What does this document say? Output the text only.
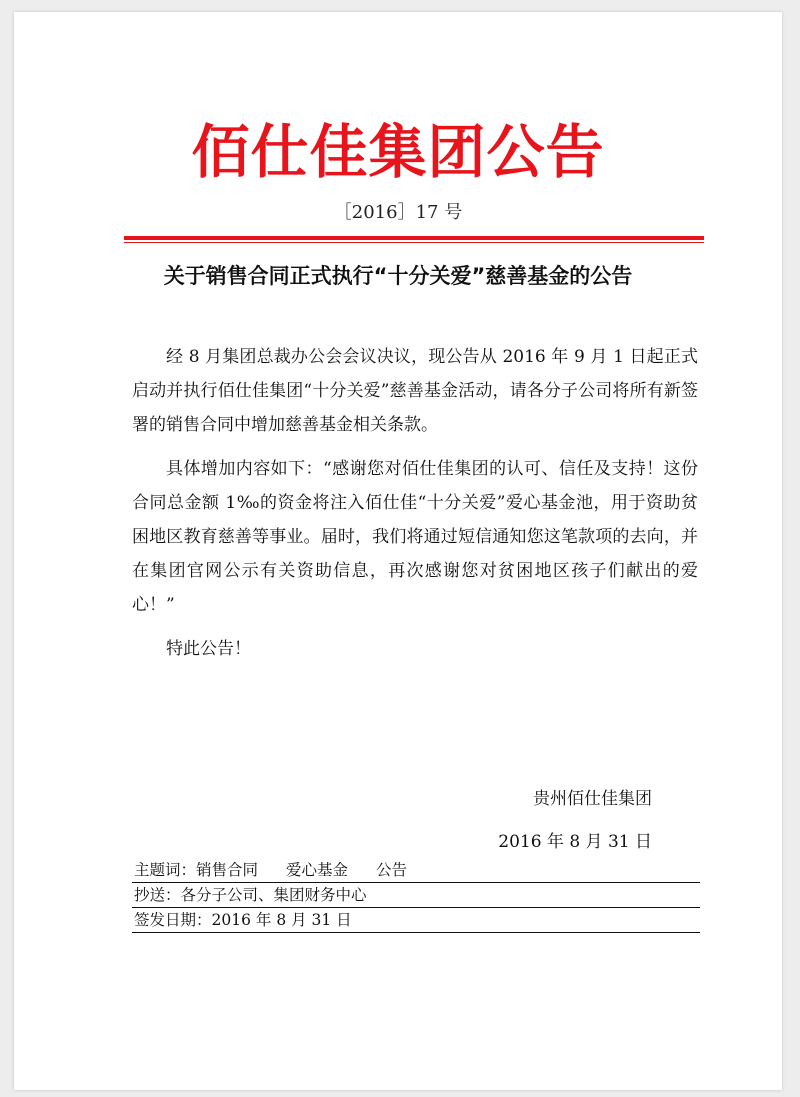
佰仕佳集团公告
［2016］17 号
关于销售合同正式执行“十分关爱”慈善基金的公告

经 8 月集团总裁办公会会议决议，现公告从 2016 年 9 月 1 日起正式启动并执行佰仕佳集团“十分关爱”慈善基金活动，请各分子公司将所有新签署的销售合同中增加慈善基金相关条款。

具体增加内容如下：“感谢您对佰仕佳集团的认可、信任及支持！这份合同总金额 1‰的资金将注入佰仕佳“十分关爱”爱心基金池，用于资助贫困地区教育慈善等事业。届时，我们将通过短信通知您这笔款项的去向，并在集团官网公示有关资助信息，再次感谢您对贫困地区孩子们献出的爱心！”

特此公告！

贵州佰仕佳集团
2016 年 8 月 31 日
主题词：销售合同 爱心基金 公告
抄送：各分子公司、集团财务中心
签发日期：2016 年 8 月 31 日
